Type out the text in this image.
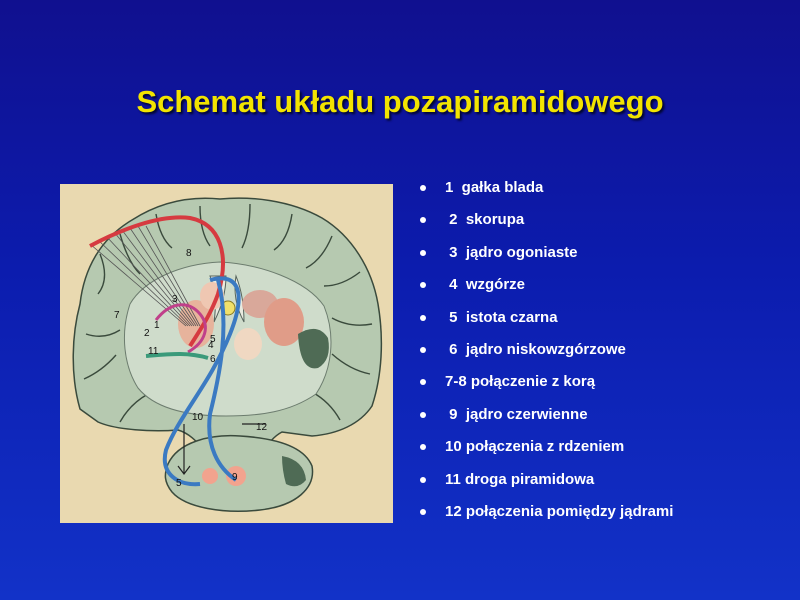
Schemat układu pozapiramidowego
8
7
1
2
3
4
5
6
11
10
12
5
9
1  gałka blada
2  skorupa
3  jądro ogoniaste
4  wzgórze
5  istota czarna
6  jądro niskowzgórzowe
7-8 połączenie z korą
9  jądro czerwienne
10 połączenia z rdzeniem
11 droga piramidowa
12 połączenia pomiędzy jądrami
